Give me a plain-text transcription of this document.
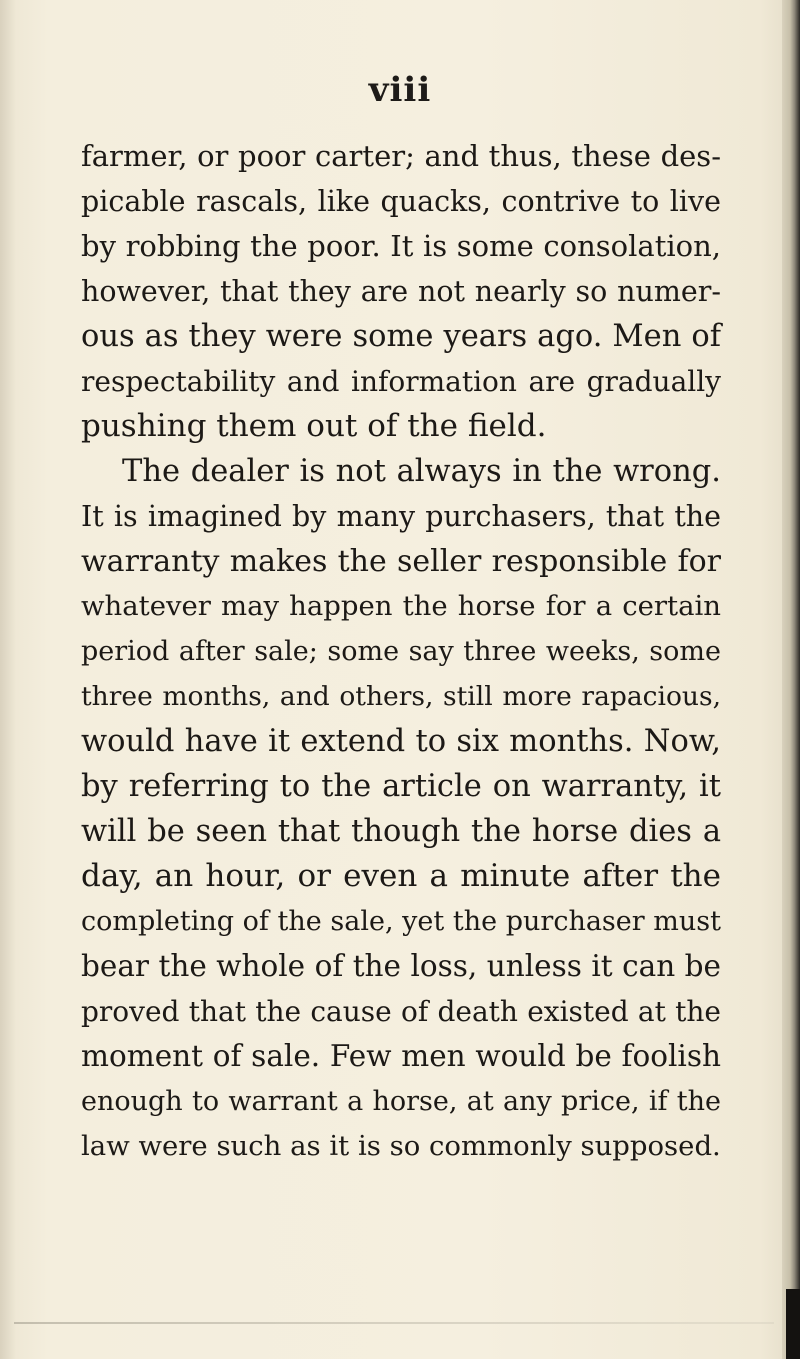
viii
farmer, or poor carter; and thus, these des-
picable rascals, like quacks, contrive to live
by robbing the poor. It is some consolation,
however, that they are not nearly so numer-
ous as they were some years ago. Men of
respectability and information are gradually
pushing them out of the field.
The dealer is not always in the wrong.
It is imagined by many purchasers, that the
warranty makes the seller responsible for
whatever may happen the horse for a certain
period after sale; some say three weeks, some
three months, and others, still more rapacious,
would have it extend to six months. Now,
by referring to the article on warranty, it
will be seen that though the horse dies a
day, an hour, or even a minute after the
completing of the sale, yet the purchaser must
bear the whole of the loss, unless it can be
proved that the cause of death existed at the
moment of sale. Few men would be foolish
enough to warrant a horse, at any price, if the
law were such as it is so commonly supposed.
